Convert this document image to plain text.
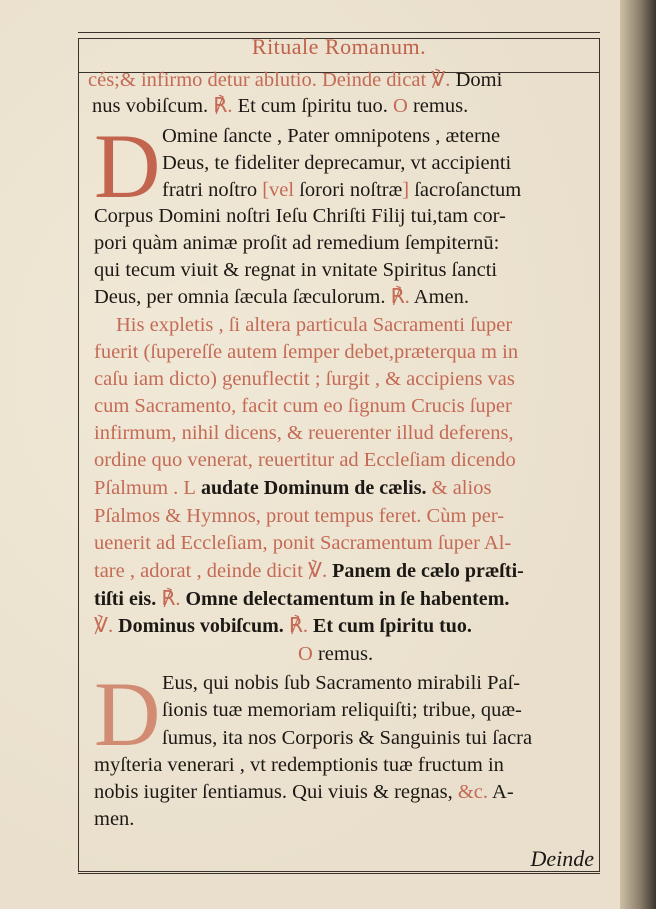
Rituale Romanum.
cés;& infirmo detur ablutio. Deinde dicat ℣. Domi
nus vobiſcum. ℟. Et cum ſpiritu tuo. O remus.
D Omine ſancte , Pater omnipotens , æterne
Deus, te fideliter deprecamur, vt accipienti
fratri noſtro [vel ſorori noſtræ] ſacroſanctum
Corpus Domini noſtri Ieſu Chriſti Filij tui,tam cor-
pori quàm animæ proſit ad remedium ſempiternū:
qui tecum viuit & regnat in vnitate Spiritus ſancti
Deus, per omnia ſæcula ſæculorum. ℟. Amen.
His expletis , ſi altera particula Sacramenti ſuper
fuerit (ſupereſſe autem ſemper debet,præterqua m in
caſu iam dicto) genuflectit ; ſurgit , & accipiens vas
cum Sacramento, facit cum eo ſignum Crucis ſuper
infirmum, nihil dicens, & reuerenter illud deferens,
ordine quo venerat, reuertitur ad Eccleſiam dicendo
Pſalmum . L audate Dominum de cælis. & alios
Pſalmos & Hymnos, prout tempus feret. Cùm per-
uenerit ad Eccleſiam, ponit Sacramentum ſuper Al-
tare , adorat , deinde dicit ℣. Panem de cælo præſti-
tiſti eis. ℟. Omne delectamentum in ſe habentem.
℣. Dominus vobiſcum. ℟. Et cum ſpiritu tuo.
O remus.
D Eus, qui nobis ſub Sacramento mirabili Paſ-
ſionis tuæ memoriam reliquiſti; tribue, quæ-
ſumus, ita nos Corporis & Sanguinis tui ſacra
myſteria venerari , vt redemptionis tuæ fructum in
nobis iugiter ſentiamus. Qui viuis & regnas, &c. A-
men.
Deinde
